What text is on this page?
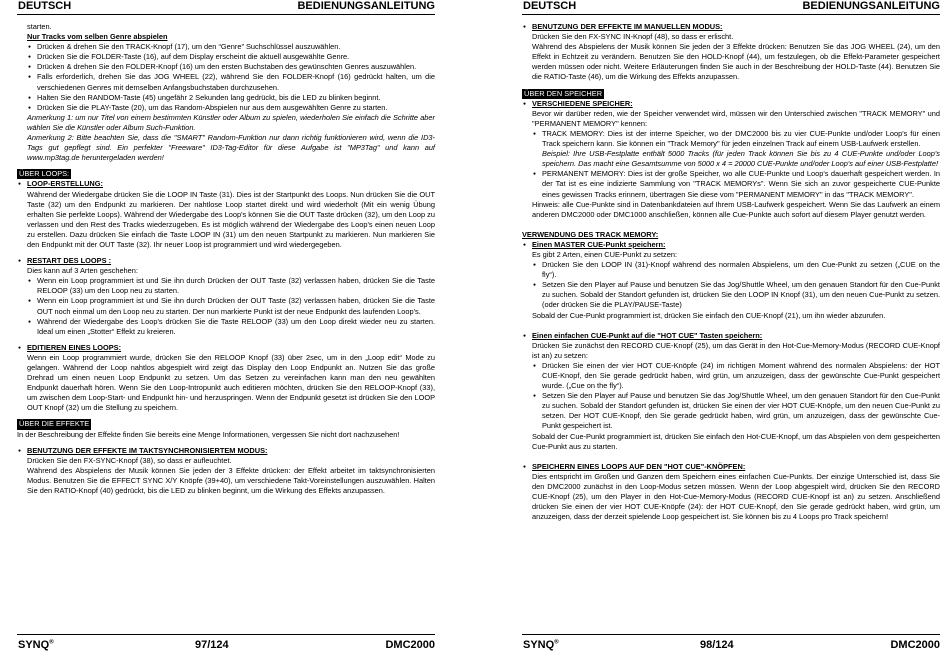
DEUTSCH	BEDIENUNGSANLEITUNG

starten.

Nur Tracks vom selben Genre abspielen

● Drücken & drehen Sie den TRACK-Knopf (17), um den “Genre” Suchschlüssel auszuwählen.

● Drücken Sie die FOLDER-Taste (16), auf dem Display erscheint die aktuell ausgewählte Genre.

● Drücken & drehen Sie den FOLDER-Knopf (16) um den ersten Buchstaben des gewünschten Genres auszuwählen.

● Falls erforderlich, drehen Sie das JOG WHEEL (22), während Sie den FOLDER-Knopf (16) gedrückt halten, um die verschiedenen Genres mit demselben Anfangsbuchstaben durchzusehen.

● Halten Sie den RANDOM-Taste (45) ungefähr 2 Sekunden lang gedrückt, bis die LED zu blinken beginnt.

● Drücken Sie die PLAY-Taste (20), um das Random-Abspielen nur aus dem ausgewählten Genre zu starten.

Anmerkung 1: um nur Titel von einem bestimmten Künstler oder Album zu spielen, wiederholen Sie einfach die Schritte aber wählen Sie die Künstler oder Album Such-Funktion.

Anmerkung 2: Bitte beachten Sie, dass die "SMART" Random-Funktion nur dann richtig funktionieren wird, wenn die ID3-Tags gut gepflegt sind. Ein perfekter "Freeware" ID3-Tag-Editor für diese Aufgabe ist "MP3Tag" und kann auf www.mp3tag.de heruntergeladen werden!

ÜBER LOOPS:

● LOOP-ERSTELLUNG:

Während der Wiedergabe drücken Sie die LOOP IN Taste (31). Dies ist der Startpunkt des Loops. Nun drücken Sie die OUT Taste (32) um den Endpunkt zu markieren. Der nahtlose Loop startet direkt und wird wiederholt (Mit ein wenig Übung erhalten Sie perfekte Loops). Während der Wiedergabe des Loop's können Sie die OUT Taste drücken (32), um den Loop zu verlassen und den Rest des Tracks wiederzugeben. Es ist möglich während der Wiedergabe des Loop's einen neuen Loop zu erstellen. Dazu drücken Sie einfach die Taste LOOP IN (31) um den neuen Startpunkt zu markieren. Nun markieren Sie den Endpunkt mit der OUT Taste (32). Ihr neuer Loop ist programmiert und wird wiedergegeben.

● RESTART DES LOOPS :

Dies kann auf 3 Arten geschehen:

● Wenn ein Loop programmiert ist und Sie ihn durch Drücken der OUT Taste (32) verlassen haben, drücken Sie die Taste RELOOP (33) um den Loop neu zu starten.

● Wenn ein Loop programmiert ist und Sie ihn durch Drücken der OUT Taste (32) verlassen haben, drücken Sie die Taste OUT noch einmal um den Loop neu zu starten. Der nun markierte Punkt ist der neue Endpunkt des laufenden Loop's.

● Während der Wiedergabe des Loop's drücken Sie die Taste RELOOP (33) um den Loop direkt wieder neu zu starten. Ideal um einen „Stotter“ Effekt zu kreieren.

● EDITIEREN EINES LOOPS:

Wenn ein Loop programmiert wurde, drücken Sie den RELOOP Knopf (33) über 2sec, um in den „Loop edit“ Mode zu gelangen. Während der Loop nahtlos abgespielt wird zeigt das Display den Loop Endpunkt an. Nutzen Sie das große Drehrad um einen neuen Loop Endpunkt zu setzen. Um das Setzen zu vereinfachen kann man den neu gewählten Endpunkt dauerhaft hören. Wenn Sie den Loop-Intropunkt auch editieren möchten, drücken Sie den RELOOP-Knopf (33), um zwischen dem Loop-Start- und Endpunkt hin- und herzuspringen. Wenn der Endpunkt gesetzt ist drücken Sie den LOOP OUT Knopf (32) um die Stellung zu speichern.

ÜBER DIE EFFEKTE

In der Beschreibung der Effekte finden Sie bereits eine Menge Informationen, vergessen Sie nicht dort nachzusehen!

● BENUTZUNG DER EFFEKTE IM TAKTSYNCHRONISIERTEM MODUS:

Drücken Sie den FX-SYNC-Knopf (38), so dass er aufleuchtet.

Während des Abspielens der Musik können Sie jeden der 3 Effekte drücken: der Effekt arbeitet im taktsynchronisierten Modus. Benutzen Sie die EFFECT SYNC X/Y Knöpfe (39+40), um verschiedene Takt-Voreinstellungen auszuwählen. Halten Sie den RATIO-Knopf (40) gedrückt, bis die LED zu blinken beginnt, um die Wirkung des Effekts anzupassen.

SYNQ®	97/124	DMC2000
DEUTSCH	BEDIENUNGSANLEITUNG

● BENUTZUNG DER EFFEKTE IM MANUELLEN MODUS:

Drücken Sie den FX-SYNC IN-Knopf (48), so dass er erlischt.

Während des Abspielens der Musik können Sie jeden der 3 Effekte drücken: Benutzen Sie das JOG WHEEL (24), um den Effekt in Echtzeit zu verändern. Benutzen Sie den HOLD-Knopf (44), um festzulegen, ob die Effekt-Parameter gespeichert werden müssen oder nicht. Weitere Erläuterungen finden Sie auch in der Beschreibung der HOLD-Taste (44). Benutzen Sie die RATIO-Taste (46), um die Wirkung des Effekts anzupassen.

ÜBER DEN SPEICHER

● VERSCHIEDENE SPEICHER:

Bevor wir darüber reden, wie der Speicher verwendet wird, müssen wir den Unterschied zwischen "TRACK MEMORY" und "PERMANENT MEMORY" kennen:

● TRACK MEMORY: Dies ist der interne Speicher, wo der DMC2000 bis zu vier CUE-Punkte und/oder Loop's für einen Track speichern kann. Sie können ein "Track Memory" für jeden einzelnen Track auf einem USB-Laufwerk erstellen.

Beispiel: Ihre USB-Festplatte enthält 5000 Tracks (für jeden Track können Sie bis zu 4 CUE-Punkte und/oder Loop's speichern. Das macht eine Gesamtsumme von 5000 x 4 = 20000 CUE-Punkte und/oder Loop's auf einer USB-Festplatte!

● PERMANENT MEMORY: Dies ist der große Speicher, wo alle CUE-Punkte und Loop's dauerhaft gespeichert werden. In der Tat ist es eine indizierte Sammlung von "TRACK MEMORYs". Wenn Sie sich an zuvor gespeicherte CUE-Punkte eines gewissen Tracks erinnern, übertragen Sie diese vom "PERMANENT MEMORY" in das "TRACK MEMORY".

Hinweis: alle Cue-Punkte sind in Datenbankdateien auf Ihrem USB-Laufwerk gespeichert. Wenn Sie das Laufwerk an einem anderen DMC2000 oder DMC1000 anschließen, können alle Cue-Punkte auch sofort auf diesem Player genutzt werden.

VERWENDUNG DES TRACK MEMORY:

● Einen MASTER CUE-Punkt speichern:

Es gibt 2 Arten, einen CUE-Punkt zu setzen:

● Drücken Sie den LOOP IN (31)-Knopf während des normalen Abspielens, um den Cue-Punkt zu setzen („CUE on the fly“).

● Setzen Sie den Player auf Pause und benutzen Sie das Jog/Shuttle Wheel, um den genauen Standort für den Cue-Punkt zu suchen. Sobald der Standort gefunden ist, drücken Sie den LOOP IN Knopf (31), um den neuen Cue-Punkt zu setzen. (oder drücken Sie die PLAY/PAUSE-Taste)

Sobald der Cue-Punkt programmiert ist, drücken Sie einfach den CUE-Knopf (21), um ihn wieder abzurufen.

● Einen einfachen CUE-Punkt auf die "HOT CUE" Tasten speichern:

Drücken Sie zunächst den RECORD CUE-Knopf (25), um das Gerät in den Hot-Cue-Memory-Modus (RECORD CUE-Knopf ist an) zu setzen:

● Drücken Sie einen der vier HOT CUE-Knöpfe (24) im richtigen Moment während des normalen Abspielens: der HOT CUE-Knopf, den Sie gerade gedrückt haben, wird grün, um anzuzeigen, dass der gewünschte Cue-Punkt gespeichert wurde. („Cue on the fly“).

● Setzen Sie den Player auf Pause und benutzen Sie das Jog/Shuttle Wheel, um den genauen Standort für den Cue-Punkt zu suchen. Sobald der Standort gefunden ist, drücken Sie einen der vier HOT CUE-Knöpfe, um den neuen Cue-Punkt zu setzen. Der HOT CUE-Knopf, den Sie gerade gedrückt haben, wird grün, um anzuzeigen, dass der gewünschte Cue-Punkt gespeichert ist.

Sobald der Cue-Punkt programmiert ist, drücken Sie einfach den Hot-CUE-Knopf, um das Abspielen von dem gespeicherten Cue-Punkt aus zu starten.

● SPEICHERN EINES LOOPS AUF DEN "HOT CUE"-KNÖPFEN:

Dies entspricht im Großen und Ganzen dem Speichern eines einfachen Cue-Punkts. Der einzige Unterschied ist, dass Sie den DMC2000 zunächst in den Loop-Modus setzen müssen. Wenn der Loop abgespielt wird, drücken Sie den RECORD CUE-Knopf (25), um den Player in den Hot-Cue-Memory-Modus (RECORD CUE-Knopf ist an) zu setzen. Anschließend drücken Sie einen der vier HOT CUE-Knöpfe (24): der HOT CUE-Knopf, den Sie gerade gedrückt haben, wird grün, um anzuzeigen, dass der derzeit spielende Loop gespeichert ist. Sie können bis zu 4 Loops pro Track speichern!

SYNQ®	98/124	DMC2000
